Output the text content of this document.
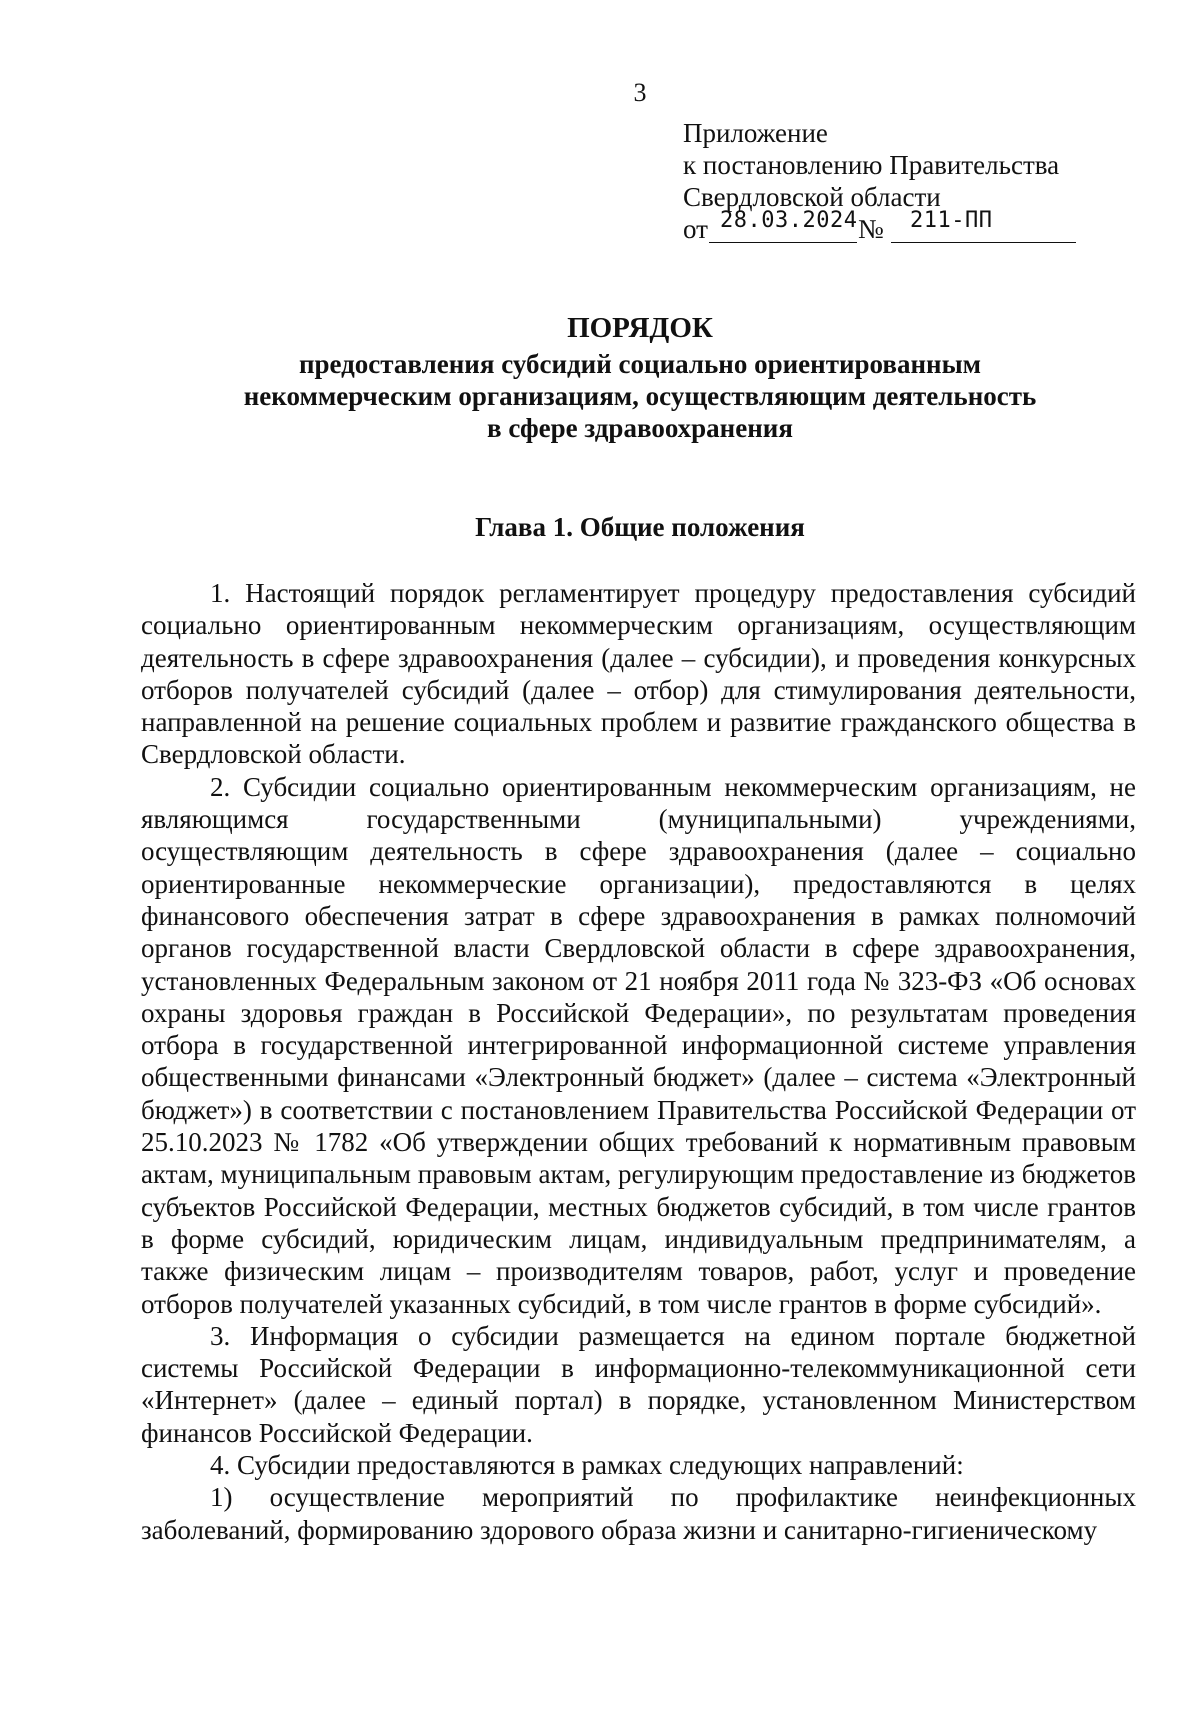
3
Приложение
к постановлению Правительства
Свердловской области
от 28.03.2024 № 211-ПП
ПОРЯДОК
предоставления субсидий социально ориентированным
некоммерческим организациям, осуществляющим деятельность
в сфере здравоохранения
Глава 1. Общие положения

1. Настоящий порядок регламентирует процедуру предоставления субсидий социально ориентированным некоммерческим организациям, осуществляющим деятельность в сфере здравоохранения (далее – субсидии), и проведения конкурсных отборов получателей субсидий (далее – отбор) для стимулирования деятельности, направленной на решение социальных проблем и развитие гражданского общества в Свердловской области.

2. Субсидии социально ориентированным некоммерческим организациям, не являющимся государственными (муниципальными) учреждениями, осуществляющим деятельность в сфере здравоохранения (далее – социально ориентированные некоммерческие организации), предоставляются в целях финансового обеспечения затрат в сфере здравоохранения в рамках полномочий органов государственной власти Свердловской области в сфере здравоохранения, установленных Федеральным законом от 21 ноября 2011 года № 323-ФЗ «Об основах охраны здоровья граждан в Российской Федерации», по результатам проведения отбора в государственной интегрированной информационной системе управления общественными финансами «Электронный бюджет» (далее – система «Электронный бюджет») в соответствии с постановлением Правительства Российской Федерации от 25.10.2023 № 1782 «Об утверждении общих требований к нормативным правовым актам, муниципальным правовым актам, регулирующим предоставление из бюджетов субъектов Российской Федерации, местных бюджетов субсидий, в том числе грантов в форме субсидий, юридическим лицам, индивидуальным предпринимателям, а также физическим лицам – производителям товаров, работ, услуг и проведение отборов получателей указанных субсидий, в том числе грантов в форме субсидий».

3. Информация о субсидии размещается на едином портале бюджетной системы Российской Федерации в информационно-телекоммуникационной сети «Интернет» (далее – единый портал) в порядке, установленном Министерством финансов Российской Федерации.

4. Субсидии предоставляются в рамках следующих направлений:

1) осуществление мероприятий по профилактике неинфекционных заболеваний, формированию здорового образа жизни и санитарно-гигиеническому
